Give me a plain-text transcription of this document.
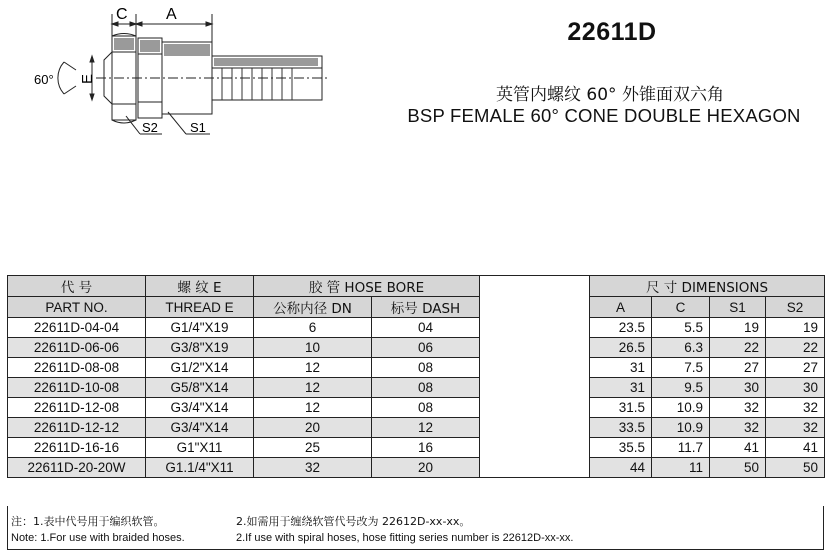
C A
60° E
S2 S1
22611D
英管内螺纹 60° 外锥面双六角
BSP FEMALE 60° CONE DOUBLE HEXAGON
代 号	螺 纹 E	胶 管 HOSE BORE			尺 寸 DIMENSIONS			
PART NO.	THREAD E	公称内径 DN	标号 DASH		A	C	S1	S2
22611D-04-04	G1/4"X19	6	04		23.5	5.5	19	19
22611D-06-06	G3/8"X19	10	06		26.5	6.3	22	22
22611D-08-08	G1/2"X14	12	08		31	7.5	27	27
22611D-10-08	G5/8"X14	12	08		31	9.5	30	30
22611D-12-08	G3/4"X14	12	08		31.5	10.9	32	32
22611D-12-12	G3/4"X14	20	12		33.5	10.9	32	32
22611D-16-16	G1"X11	25	16		35.5	11.7	41	41
22611D-20-20W	G1.1/4"X11	32	20		44	11	50	50
注：1.表中代号用于编织软管。	2.如需用于缠绕软管代号改为 22612D-xx-xx。
Note: 1.For use with braided hoses.	2.If use with spiral hoses, hose fitting series number is 22612D-xx-xx.
